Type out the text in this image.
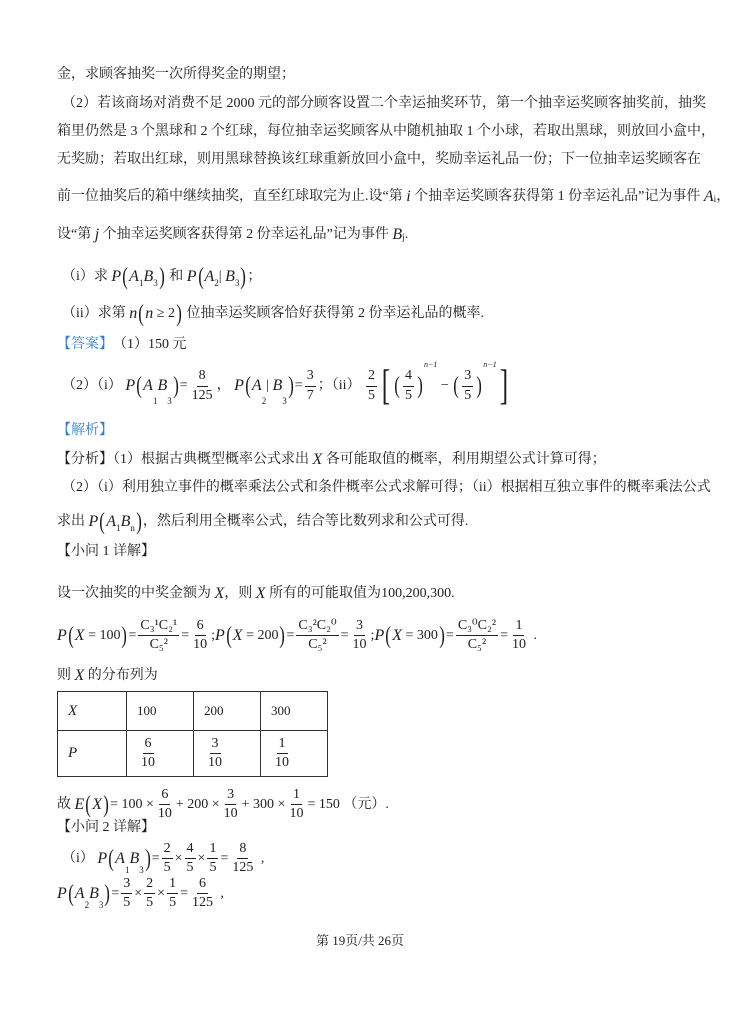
金，求顾客抽奖一次所得奖金的期望；
（2）若该商场对消费不足 2000 元的部分顾客设置二个幸运抽奖环节，第一个抽幸运奖顾客抽奖前，抽奖
箱里仍然是 3 个黑球和 2 个红球，每位抽幸运奖顾客从中随机抽取 1 个小球，若取出黑球，则放回小盒中，
无奖励；若取出红球，则用黑球替换该红球重新放回小盒中，奖励幸运礼品一份；下一位抽幸运奖顾客在
前一位抽奖后的箱中继续抽奖，直至红球取完为止.设“第 i 个抽幸运奖顾客获得第 1 份幸运礼品”记为事件 A i ，
设“第 j 个抽幸运奖顾客获得第 2 份幸运礼品”记为事件 B j .
（i）求 P ( A 1 B 3 ) 和 P ( A 2 | B 3 ) ；
（ii）求第 n ( n ≥ 2 ) 位抽幸运奖顾客恰好获得第 2 份幸运礼品的概率.
【答案】 （1）150 元
（2）（i） P ( A
1
B
3
) = $\frac{8}{125}$ ， P ( A
2
| B
3
) = $\frac{3}{7}$ ；$(ii) \frac{2}{5}$ [ ( $\frac{4}{5}$ )
n−1
− ( $\frac{3}{5}$ )
n−1 ]
【解析】
【分析】（1）根据古典概型概率公式求出 X 各可能取值的概率，利用期望公式计算可得；
（2）（i）利用独立事件的概率乘法公式和条件概率公式求解可得；（ii）根据相互独立事件的概率乘法公式
求出 P ( A 1 B n ) ，然后利用全概率公式，结合等比数列求和公式可得.
【小问 1 详解】
设一次抽奖的中奖金额为 X ，则 X 所有的可能取值为 100,200,300 .
P ( X = 100 ) = $\frac{\text{C₃¹C₂¹}}{\text{C₅²}} = \frac{6}{10}$ ; P ( X = 200 ) = $\frac{\text{C₃²C₂⁰}}{\text{C₅²}} = \frac{3}{10}$ ; P ( X = 300 ) = $\frac{\text{C₃⁰C₂²}}{\text{C₅²}} = \frac{1}{10}$ .
则 X 的分布列为
X	100	200	300
P	$\frac{6}{10}$	$\frac{3}{10}$	$\frac{1}{10}$
故 E ( X ) = $100 \times \frac{6}{10} + 200 \times \frac{3}{10} + 300 \times \frac{1}{10} = 150$ （元）.
【小问 2 详解】
（i） P ( A
1
B
3 ) = $\frac{2}{5} \times \frac{4}{5} \times \frac{1}{5} = \frac{8}{125}$ ,
P ( A
2
B
3 ) = $\frac{3}{5} \times \frac{2}{5} \times \frac{1}{5} = \frac{6}{125}$ ,
第 19页/共 26页
